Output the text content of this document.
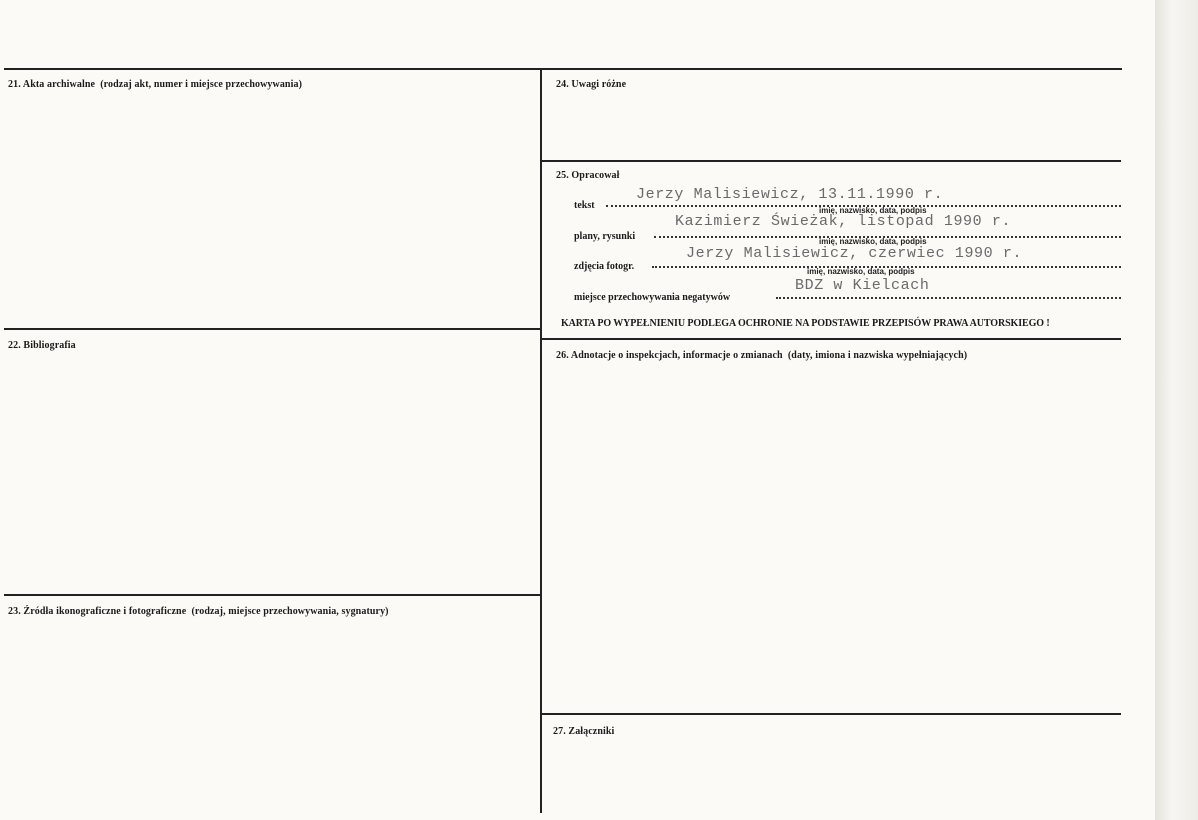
21. Akta archiwalne (rodzaj akt, numer i miejsce przechowywania)
22. Bibliografia
23. Źródła ikonograficzne i fotograficzne (rodzaj, miejsce przechowywania, sygnatury)
24. Uwagi różne
25. Opracował
tekst
Jerzy Malisiewicz, 13.11.1990 r.
imię, nazwisko, data, podpis
plany, rysunki
Kazimierz Świeżak, listopad 1990 r.
imię, nazwisko, data, podpis
zdjęcia fotogr.
Jerzy Malisiewicz, czerwiec 1990 r.
imię, nazwisko, data, podpis
miejsce przechowywania negatywów
BDZ w Kielcach
KARTA PO WYPEŁNIENIU PODLEGA OCHRONIE NA PODSTAWIE PRZEPISÓW PRAWA AUTORSKIEGO !
26. Adnotacje o inspekcjach, informacje o zmianach (daty, imiona i nazwiska wypełniających)
27. Załączniki
